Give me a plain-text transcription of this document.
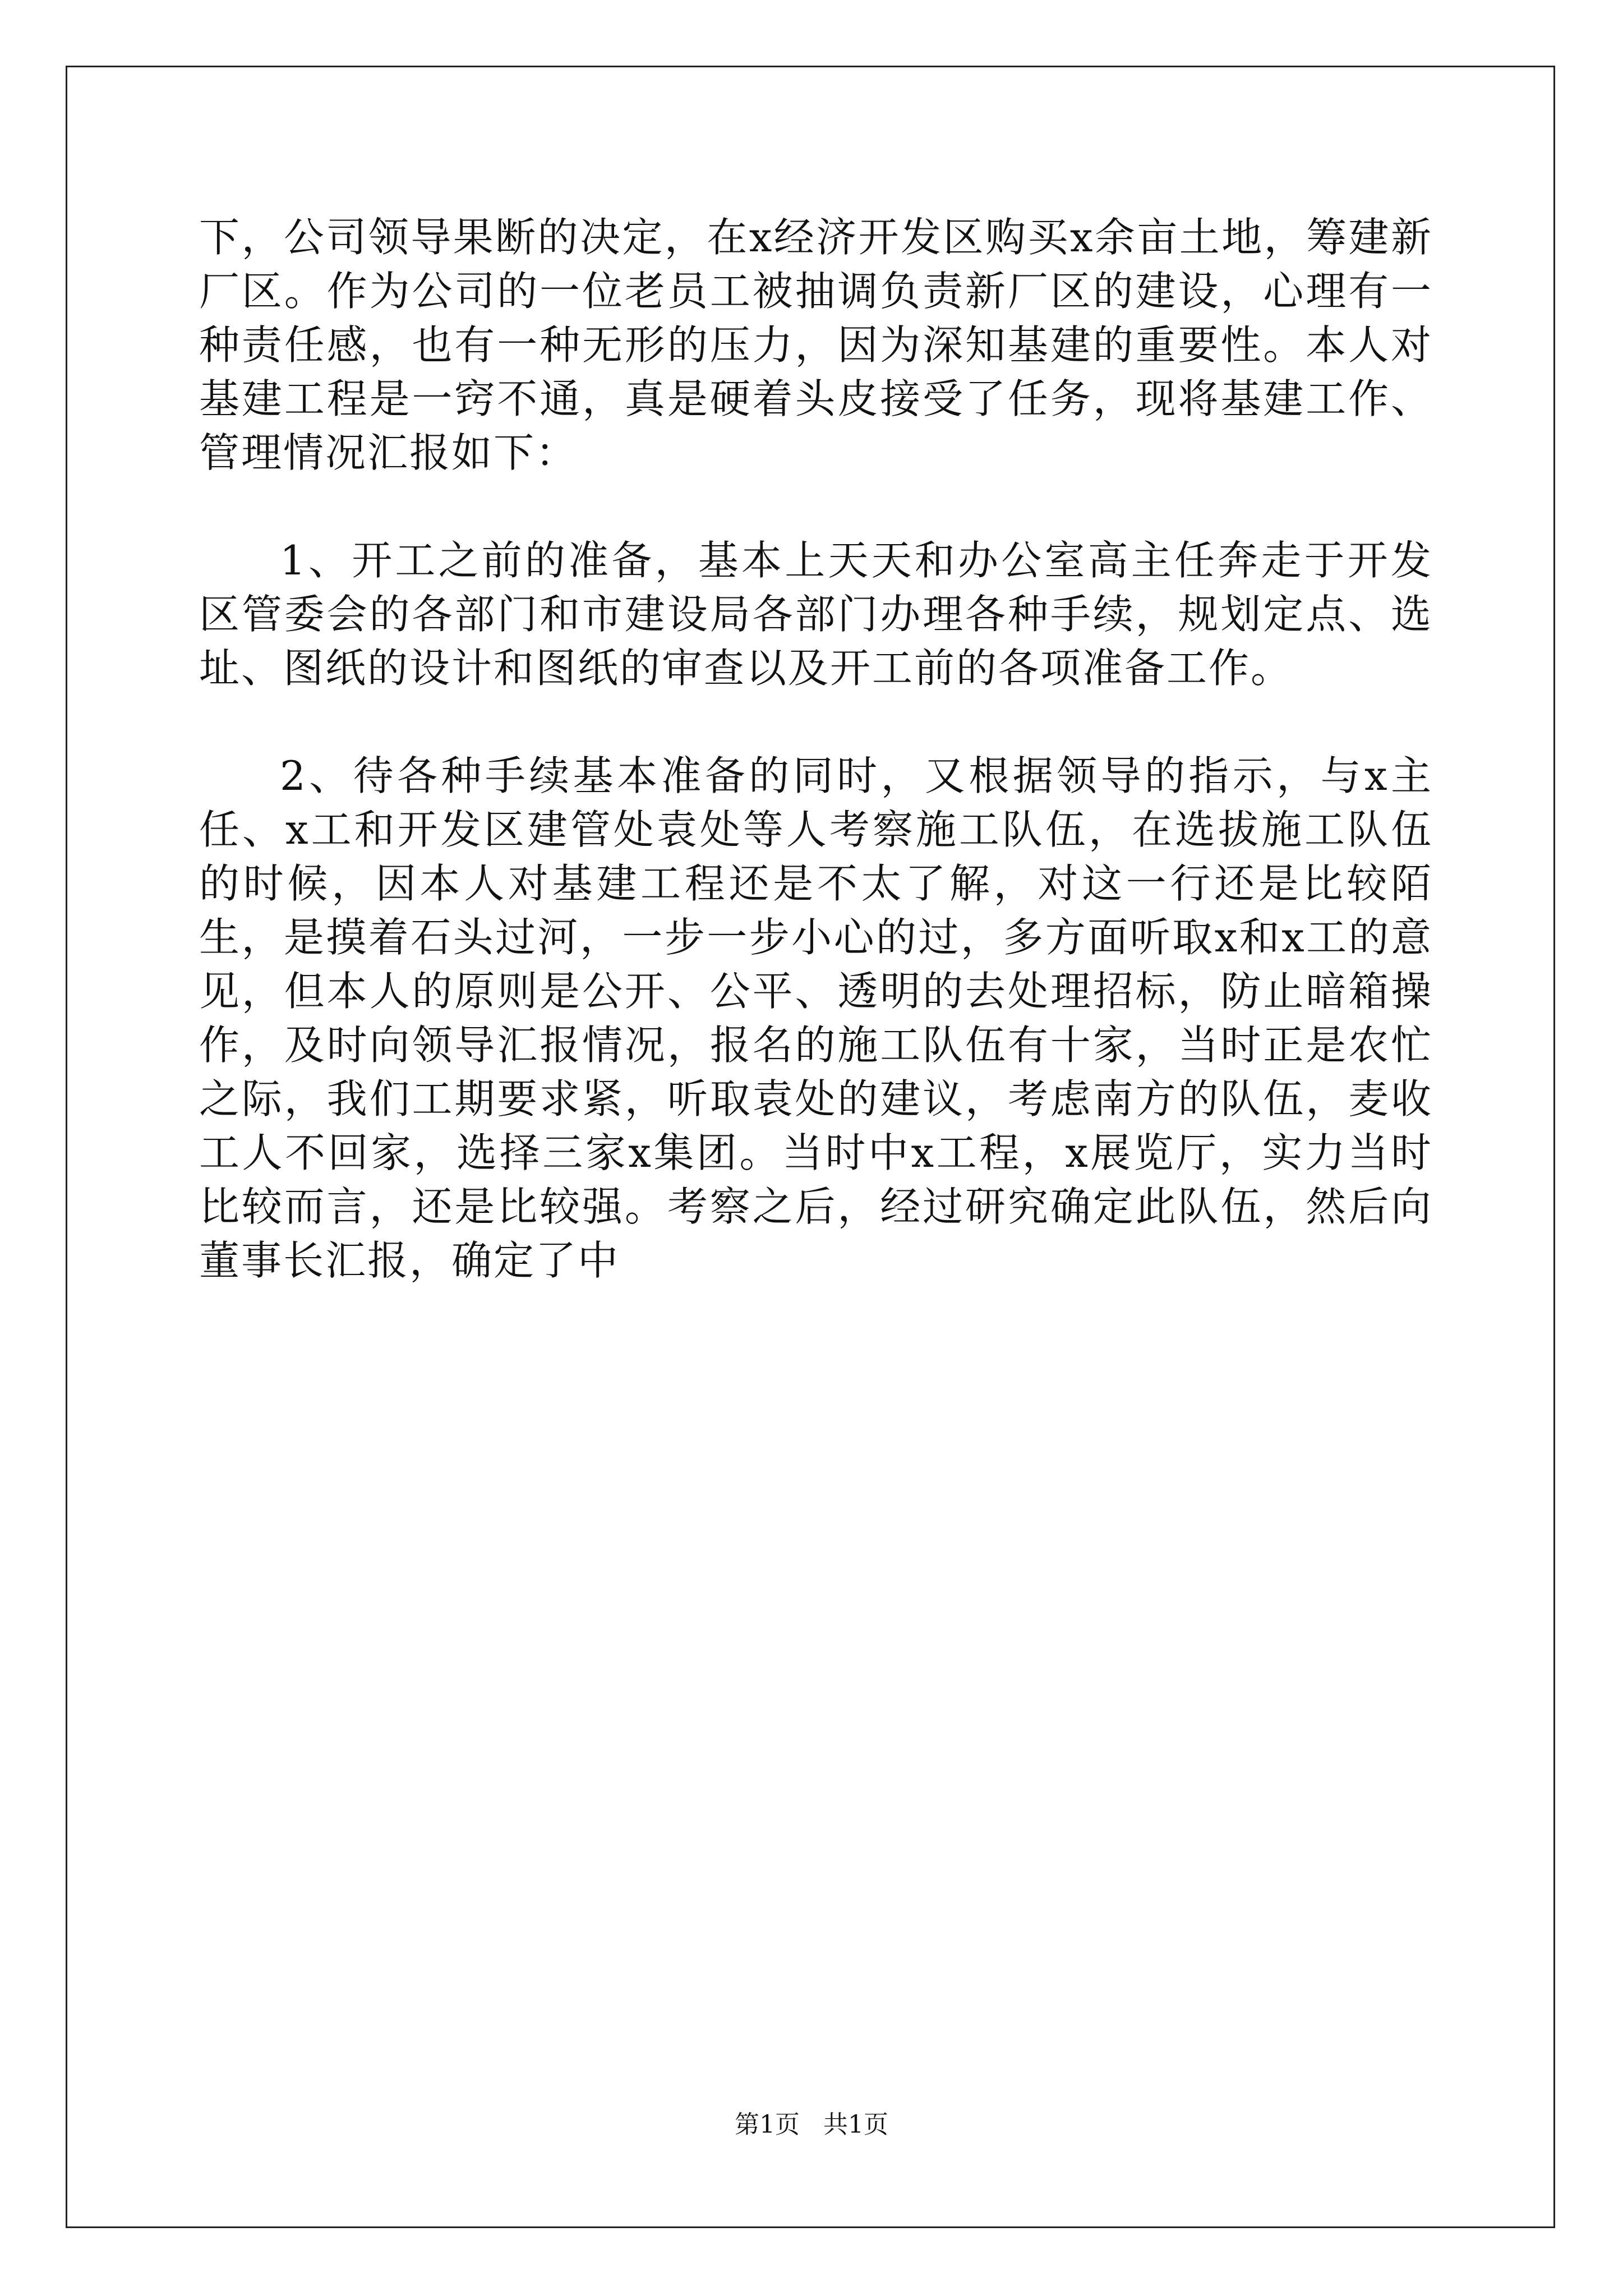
下，公司领导果断的决定，在x经济开发区购买x余亩土地，筹建新厂区。作为公司的一位老员工被抽调负责新厂区的建设，心理有一种责任感，也有一种无形的压力，因为深知基建的重要性。本人对基建工程是一窍不通，真是硬着头皮接受了任务，现将基建工作、管理情况汇报如下：

1、开工之前的准备，基本上天天和办公室高主任奔走于开发区管委会的各部门和市建设局各部门办理各种手续，规划定点、选址、图纸的设计和图纸的审查以及开工前的各项准备工作。

2、待各种手续基本准备的同时，又根据领导的指示，与x主任、x工和开发区建管处袁处等人考察施工队伍，在选拔施工队伍的时候，因本人对基建工程还是不太了解，对这一行还是比较陌生，是摸着石头过河，一步一步小心的过，多方面听取x和x工的意见，但本人的原则是公开、公平、透明的去处理招标，防止暗箱操作，及时向领导汇报情况，报名的施工队伍有十家，当时正是农忙之际，我们工期要求紧，听取袁处的建议，考虑南方的队伍，麦收工人不回家，选择三家x集团。当时中x工程，x展览厅，实力当时比较而言，还是比较强。考察之后，经过研究确定此队伍，然后向董事长汇报，确定了中

第1页   共1页
